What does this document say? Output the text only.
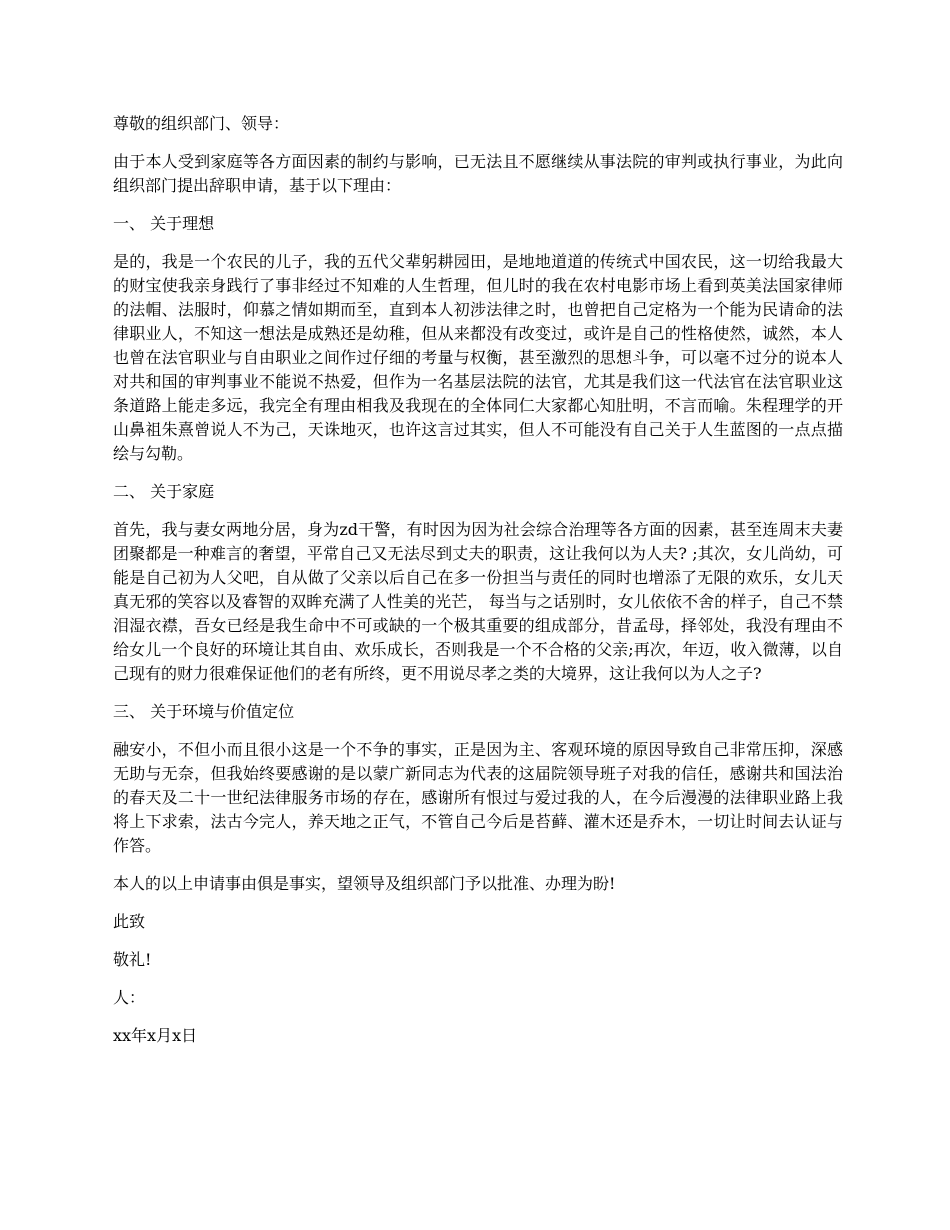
尊敬的组织部门、领导：

由于本人受到家庭等各方面因素的制约与影响，已无法且不愿继续从事法院的审判或执行事业，为此向组织部门提出辞职申请，基于以下理由：

一、 关于理想

是的，我是一个农民的儿子，我的五代父辈躬耕园田，是地地道道的传统式中国农民，这一切给我最大的财宝使我亲身践行了事非经过不知难的人生哲理，但儿时的我在农村电影市场上看到英美法国家律师的法帽、法服时，仰慕之情如期而至，直到本人初涉法律之时，也曾把自己定格为一个能为民请命的法律职业人，不知这一想法是成熟还是幼稚，但从来都没有改变过，或许是自己的性格使然，诚然，本人也曾在法官职业与自由职业之间作过仔细的考量与权衡，甚至激烈的思想斗争，可以毫不过分的说本人对共和国的审判事业不能说不热爱，但作为一名基层法院的法官，尤其是我们这一代法官在法官职业这条道路上能走多远，我完全有理由相我及我现在的全体同仁大家都心知肚明，不言而喻。朱程理学的开山鼻祖朱熹曾说人不为己，天诛地灭，也许这言过其实，但人不可能没有自己关于人生蓝图的一点点描绘与勾勒。

二、 关于家庭

首先，我与妻女两地分居，身为zd干警，有时因为因为社会综合治理等各方面的因素，甚至连周末夫妻团聚都是一种难言的奢望，平常自己又无法尽到丈夫的职责，这让我何以为人夫? ;其次，女儿尚幼，可能是自己初为人父吧，自从做了父亲以后自己在多一份担当与责任的同时也增添了无限的欢乐，女儿天真无邪的笑容以及睿智的双眸充满了人性美的光芒， 每当与之话别时，女儿依依不舍的样子，自己不禁泪湿衣襟，吾女已经是我生命中不可或缺的一个极其重要的组成部分，昔孟母，择邻处，我没有理由不给女儿一个良好的环境让其自由、欢乐成长，否则我是一个不合格的父亲;再次，年迈，收入微薄，以自己现有的财力很难保证他们的老有所终，更不用说尽孝之类的大境界，这让我何以为人之子?

三、 关于环境与价值定位

融安小，不但小而且很小这是一个不争的事实，正是因为主、客观环境的原因导致自己非常压抑，深感无助与无奈，但我始终要感谢的是以蒙广新同志为代表的这届院领导班子对我的信任，感谢共和国法治的春天及二十一世纪法律服务市场的存在，感谢所有恨过与爱过我的人，在今后漫漫的法律职业路上我将上下求索，法古今完人，养天地之正气，不管自己今后是苔藓、灌木还是乔木，一切让时间去认证与作答。

本人的以上申请事由俱是事实，望领导及组织部门予以批准、办理为盼!

此致

敬礼!

人：

xx年x月x日
